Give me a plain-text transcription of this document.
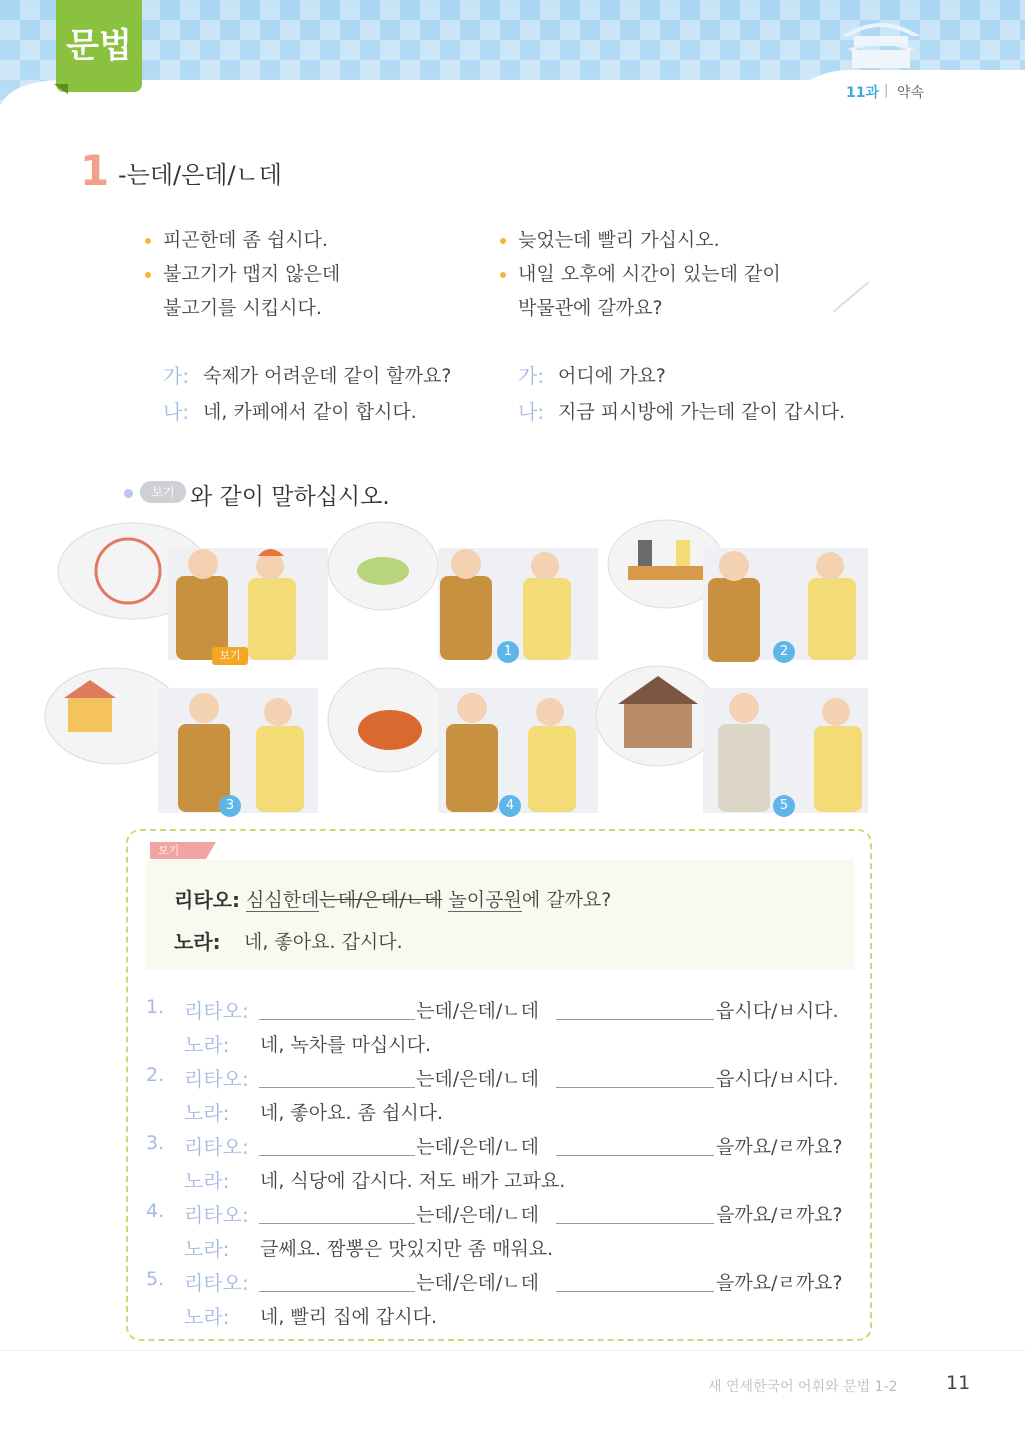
문법
11과 | 약속
1 -는데/은데/ㄴ데
피곤한데 좀 쉽시다.
불고기가 맵지 않은데
불고기를 시킵시다.
늦었는데 빨리 가십시오.
내일 오후에 시간이 있는데 같이
박물관에 갈까요?
가: 숙제가 어려운데 같이 할까요?
나: 네, 카페에서 같이 합시다.
가: 어디에 가요?
나: 지금 피시방에 가는데 같이 갑시다.
보기 와 같이 말하십시오.
보기	1	2
3	4	5
보기
리타오: 심심한데는데/은데/ㄴ데 놀이공원에 갈까요?
노라: 네, 좋아요. 갑시다.
1. 리타오:	는데/은데/ㄴ데	읍시다/ㅂ시다.
노라: 네, 녹차를 마십시다.
2. 리타오:	는데/은데/ㄴ데	읍시다/ㅂ시다.
노라: 네, 좋아요. 좀 쉽시다.
3. 리타오:	는데/은데/ㄴ데	을까요/ㄹ까요?
노라: 네, 식당에 갑시다. 저도 배가 고파요.
4. 리타오:	는데/은데/ㄴ데	을까요/ㄹ까요?
노라: 글쎄요. 짬뽕은 맛있지만 좀 매워요.
5. 리타오:	는데/은데/ㄴ데	을까요/ㄹ까요?
노라: 네, 빨리 집에 갑시다.
새 연세한국어 어휘와 문법 1-2	11
